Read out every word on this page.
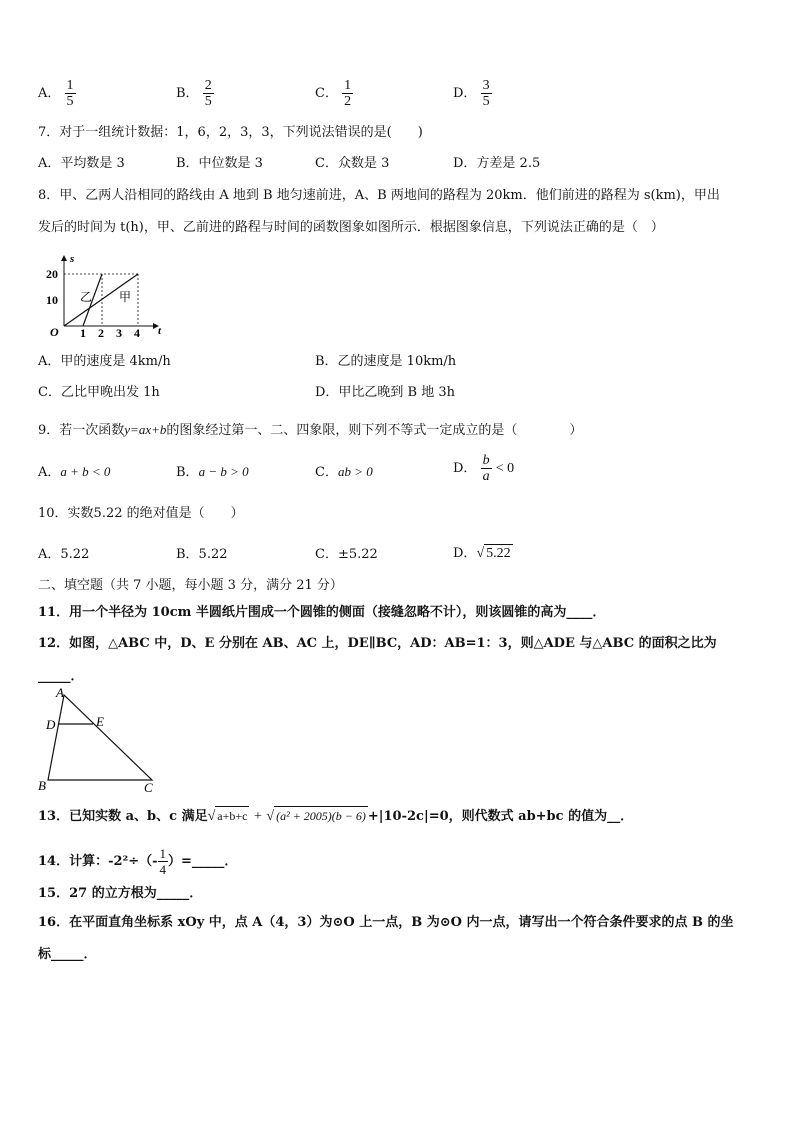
A． $\frac{1}{5}$	B． $\frac{2}{5}$	C． $\frac{1}{2}$	D． $\frac{3}{5}$
7．对于一组统计数据：1，6，2，3，3，下列说法错误的是(　　)
A．平均数是 3	B．中位数是 3	C．众数是 3	D．方差是 2.5
8．甲、乙两人沿相同的路线由 A 地到 B 地匀速前进，A、B 两地间的路程为 20km．他们前进的路程为 s(km)，甲出
发后的时间为 t(h)，甲、乙前进的路程与时间的函数图象如图所示．根据图象信息，下列说法正确的是（　）
s
t
O
20
10
1 2 3 4
乙 甲
A．甲的速度是 4km/h	B．乙的速度是 10km/h
C．乙比甲晚出发 1h	D．甲比乙晚到 B 地 3h
9．若一次函数y=ax+b的图象经过第一、二、四象限，则下列不等式一定成立的是（　　　　）
A．a + b < 0	B．a − b > 0	C．ab > 0	D． $\frac{b}{a} < 0$
10．实数5.22 的绝对值是（　　）
A．5.22	B．5.22	C．±5.22	D．√ 5.22
二、填空题（共 7 小题，每小题 3 分，满分 21 分）
11．用一个半径为 10cm 半圆纸片围成一个圆锥的侧面（接缝忽略不计），则该圆锥的高为____．
12．如图，△ABC 中，D、E 分别在 AB、AC 上，DE∥BC，AD：AB=1：3，则△ADE 与△ABC 的面积之比为
_____．
A
D	E
B	C
13．已知实数 a、b、c 满足√ a+b+c + √ (a² + 2005)(b − 6) +|10-2c|=0，则代数式 ab+bc 的值为__．
14．计算：$-2^2\div(- \frac{1}{4}$ ）=_____．
15．27 的立方根为_____．
16．在平面直角坐标系 xOy 中，点 A（4，3）为⊙O 上一点，B 为⊙O 内一点，请写出一个符合条件要求的点 B 的坐
标_____．
